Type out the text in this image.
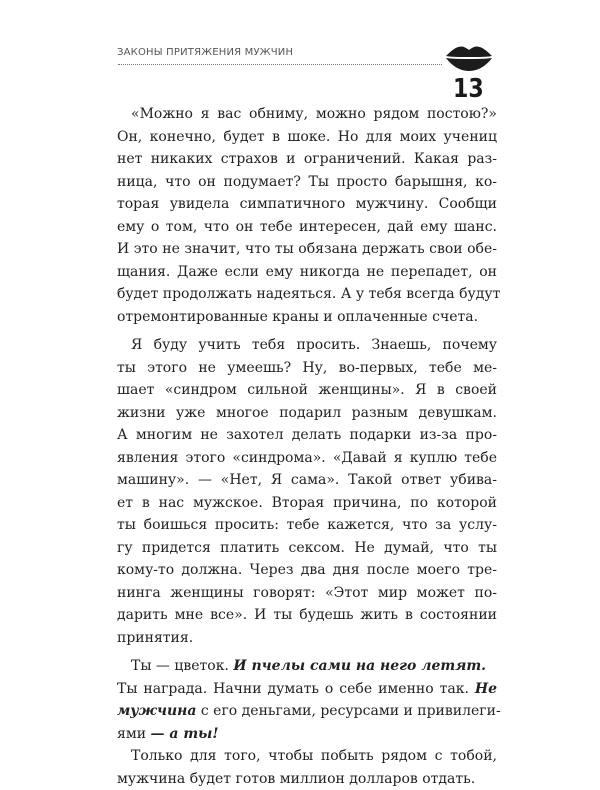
ЗАКОНЫ ПРИТЯЖЕНИЯ МУЖЧИН
13
«Можно я вас обниму, можно рядом постою?»
Он, конечно, будет в шоке. Но для моих учениц
нет никаких страхов и ограничений. Какая раз-
ница, что он подумает? Ты просто барышня, ко-
торая увидела симпатичного мужчину. Сообщи
ему о том, что он тебе интересен, дай ему шанс.
И это не значит, что ты обязана держать свои обе-
щания. Даже если ему никогда не перепадет, он
будет продолжать надеяться. А у тебя всегда будут
отремонтированные краны и оплаченные счета.
Я буду учить тебя просить. Знаешь, почему
ты этого не умеешь? Ну, во-первых, тебе ме-
шает «синдром сильной женщины». Я в своей
жизни уже многое подарил разным девушкам.
А многим не захотел делать подарки из-за про-
явления этого «синдрома». «Давай я куплю тебе
машину». — «Нет, Я сама». Такой ответ убива-
ет в нас мужское. Вторая причина, по которой
ты боишься просить: тебе кажется, что за услу-
гу придется платить сексом. Не думай, что ты
кому-то должна. Через два дня после моего тре-
нинга женщины говорят: «Этот мир может по-
дарить мне все». И ты будешь жить в состоянии
принятия.
Ты — цветок. И пчелы сами на него летят.
Ты награда. Начни думать о себе именно так. Не
мужчина с его деньгами, ресурсами и привилеги-
ями — а ты!
Только для того, чтобы побыть рядом с тобой,
мужчина будет готов миллион долларов отдать.
